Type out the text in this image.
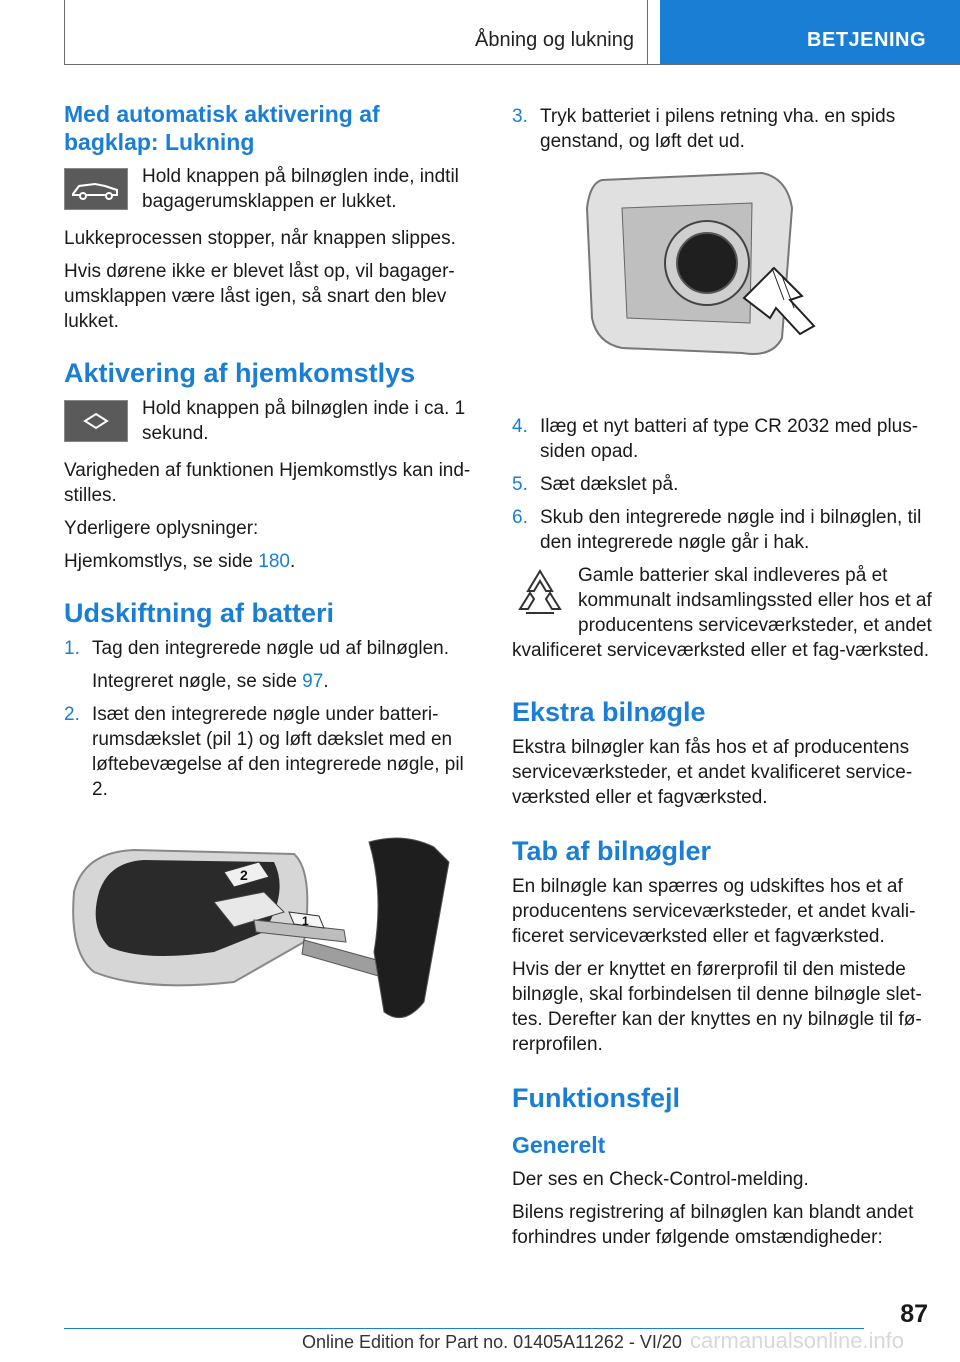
Åbning og lukning	BETJENING
Med automatisk aktivering af bagklap: Lukning

Hold knappen på bilnøglen inde, indtil bagagerumsklappen er lukket.

Lukkeprocessen stopper, når knappen slippes.

Hvis dørene ikke er blevet låst op, vil bagager-umsklappen være låst igen, så snart den blev lukket.

Aktivering af hjemkomstlys

Hold knappen på bilnøglen inde i ca. 1 sekund.

Varigheden af funktionen Hjemkomstlys kan ind-stilles.

Yderligere oplysninger:

Hjemkomstlys, se side 180.

Udskiftning af batteri
1. Tag den integrerede nøgle ud af bilnøglen.

Integreret nøgle, se side 97.

2. Isæt den integrerede nøgle under batteri-rumsdækslet (pil 1) og løft dækslet med en løftebevægelse af den integrerede nøgle, pil 2.
2
1
3. Tryk batteriet i pilens retning vha. en spids genstand, og løft det ud.
4. Ilæg et nyt batteri af type CR 2032 med plus-siden opad.
5. Sæt dækslet på.
6. Skub den integrerede nøgle ind i bilnøglen, til den integrerede nøgle går i hak.

Gamle batterier skal indleveres på et kommunalt indsamlingssted eller hos et af producentens serviceværksteder, et andet kvalificeret serviceværksted eller et fag-værksted.

Ekstra bilnøgle

Ekstra bilnøgler kan fås hos et af producentens serviceværksteder, et andet kvalificeret service-værksted eller et fagværksted.

Tab af bilnøgler

En bilnøgle kan spærres og udskiftes hos et af producentens serviceværksteder, et andet kvali-ficeret serviceværksted eller et fagværksted.

Hvis der er knyttet en førerprofil til den mistede bilnøgle, skal forbindelsen til denne bilnøgle slet-tes. Derefter kan der knyttes en ny bilnøgle til fø-rerprofilen.

Funktionsfejl
Generelt

Der ses en Check-Control-melding.

Bilens registrering af bilnøglen kan blandt andet forhindres under følgende omstændigheder:

87
Online Edition for Part no. 01405A11262 - VI/20 carmanualsonline.info
